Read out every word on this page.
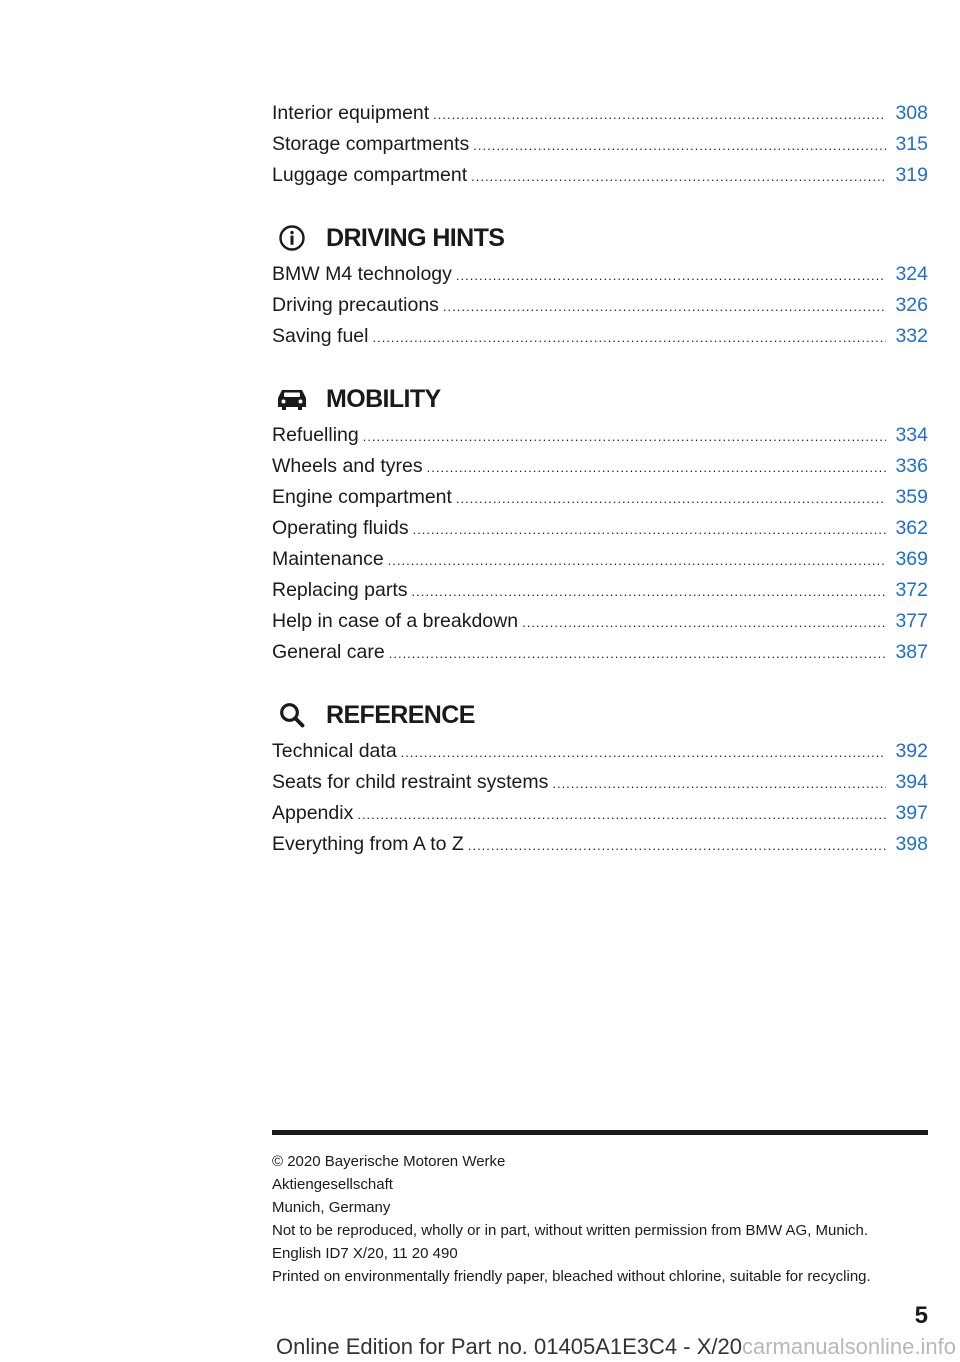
Interior equipment .....	308
Storage compartments .....	315
Luggage compartment .....	319
DRIVING HINTS
BMW M4 technology .....	324
Driving precautions .....	326
Saving fuel .....	332
MOBILITY
Refuelling .....	334
Wheels and tyres .....	336
Engine compartment .....	359
Operating fluids .....	362
Maintenance .....	369
Replacing parts .....	372
Help in case of a breakdown .....	377
General care .....	387
REFERENCE
Technical data .....	392
Seats for child restraint systems .....	394
Appendix .....	397
Everything from A to Z .....	398
© 2020 Bayerische Motoren Werke
Aktiengesellschaft
Munich, Germany
Not to be reproduced, wholly or in part, without written permission from BMW AG, Munich.
English ID7 X/20, 11 20 490
Printed on environmentally friendly paper, bleached without chlorine, suitable for recycling.
5
Online Edition for Part no. 01405A1E3C4 - X/20carmanualsonline.info
